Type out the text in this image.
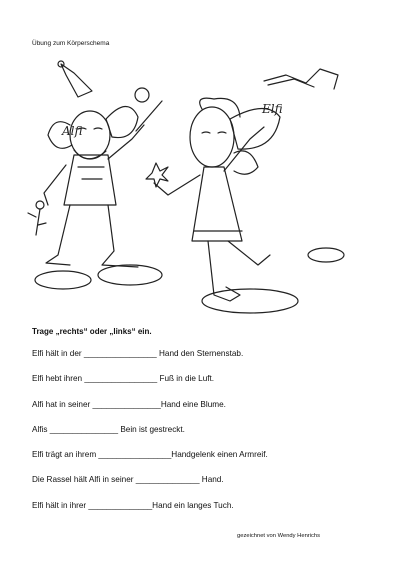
Übung zum Körperschema
Alfi
Elfi
Trage „rechts“ oder „links“ ein.
Elfi hält in der ________________ Hand den Sternenstab.
Elfi hebt ihren ________________ Fuß in die Luft.
Alfi hat in seiner _______________Hand eine Blume.
Alfis _______________ Bein ist gestreckt.
Elfi trägt an ihrem ________________Handgelenk einen Armreif.
Die Rassel hält Alfi in seiner ______________ Hand.
Elfi hält in ihrer ______________Hand ein langes Tuch.
gezeichnet von Wendy Henrichs
